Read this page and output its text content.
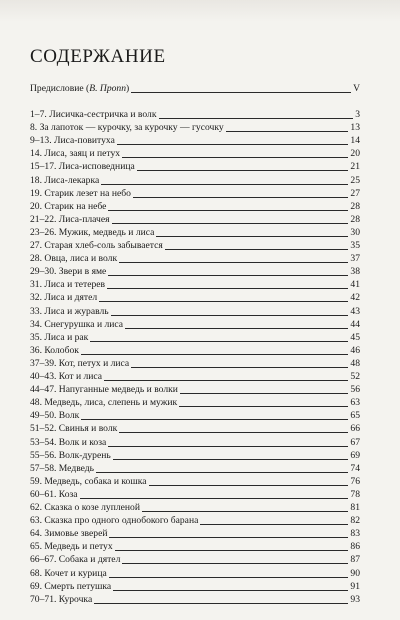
СОДЕРЖАНИЕ
Предисловие (В. Пропп)	V
1–7. Лисичка-сестричка и волк	3
8. За лапоток — курочку, за курочку — гусочку	13
9–13. Лиса-повитуха	14
14. Лиса, заяц и петух	20
15–17. Лиса-исповедница	21
18. Лиса-лекарка	25
19. Старик лезет на небо	27
20. Старик на небе	28
21–22. Лиса-плачея	28
23–26. Мужик, медведь и лиса	30
27. Старая хлеб-соль забывается	35
28. Овца, лиса и волк	37
29–30. Звери в яме	38
31. Лиса и тетерев	41
32. Лиса и дятел	42
33. Лиса и журавль	43
34. Снегурушка и лиса	44
35. Лиса и рак	45
36. Колобок	46
37–39. Кот, петух и лиса	48
40–43. Кот и лиса	52
44–47. Напуганные медведь и волки	56
48. Медведь, лиса, слепень и мужик	63
49–50. Волк	65
51–52. Свинья и волк	66
53–54. Волк и коза	67
55–56. Волк-дурень	69
57–58. Медведь	74
59. Медведь, собака и кошка	76
60–61. Коза	78
62. Сказка о козе лупленой	81
63. Сказка про одного однобокого барана	82
64. Зимовье зверей	83
65. Медведь и петух	86
66–67. Собака и дятел	87
68. Кочет и курица	90
69. Смерть петушка	91
70–71. Курочка	93
